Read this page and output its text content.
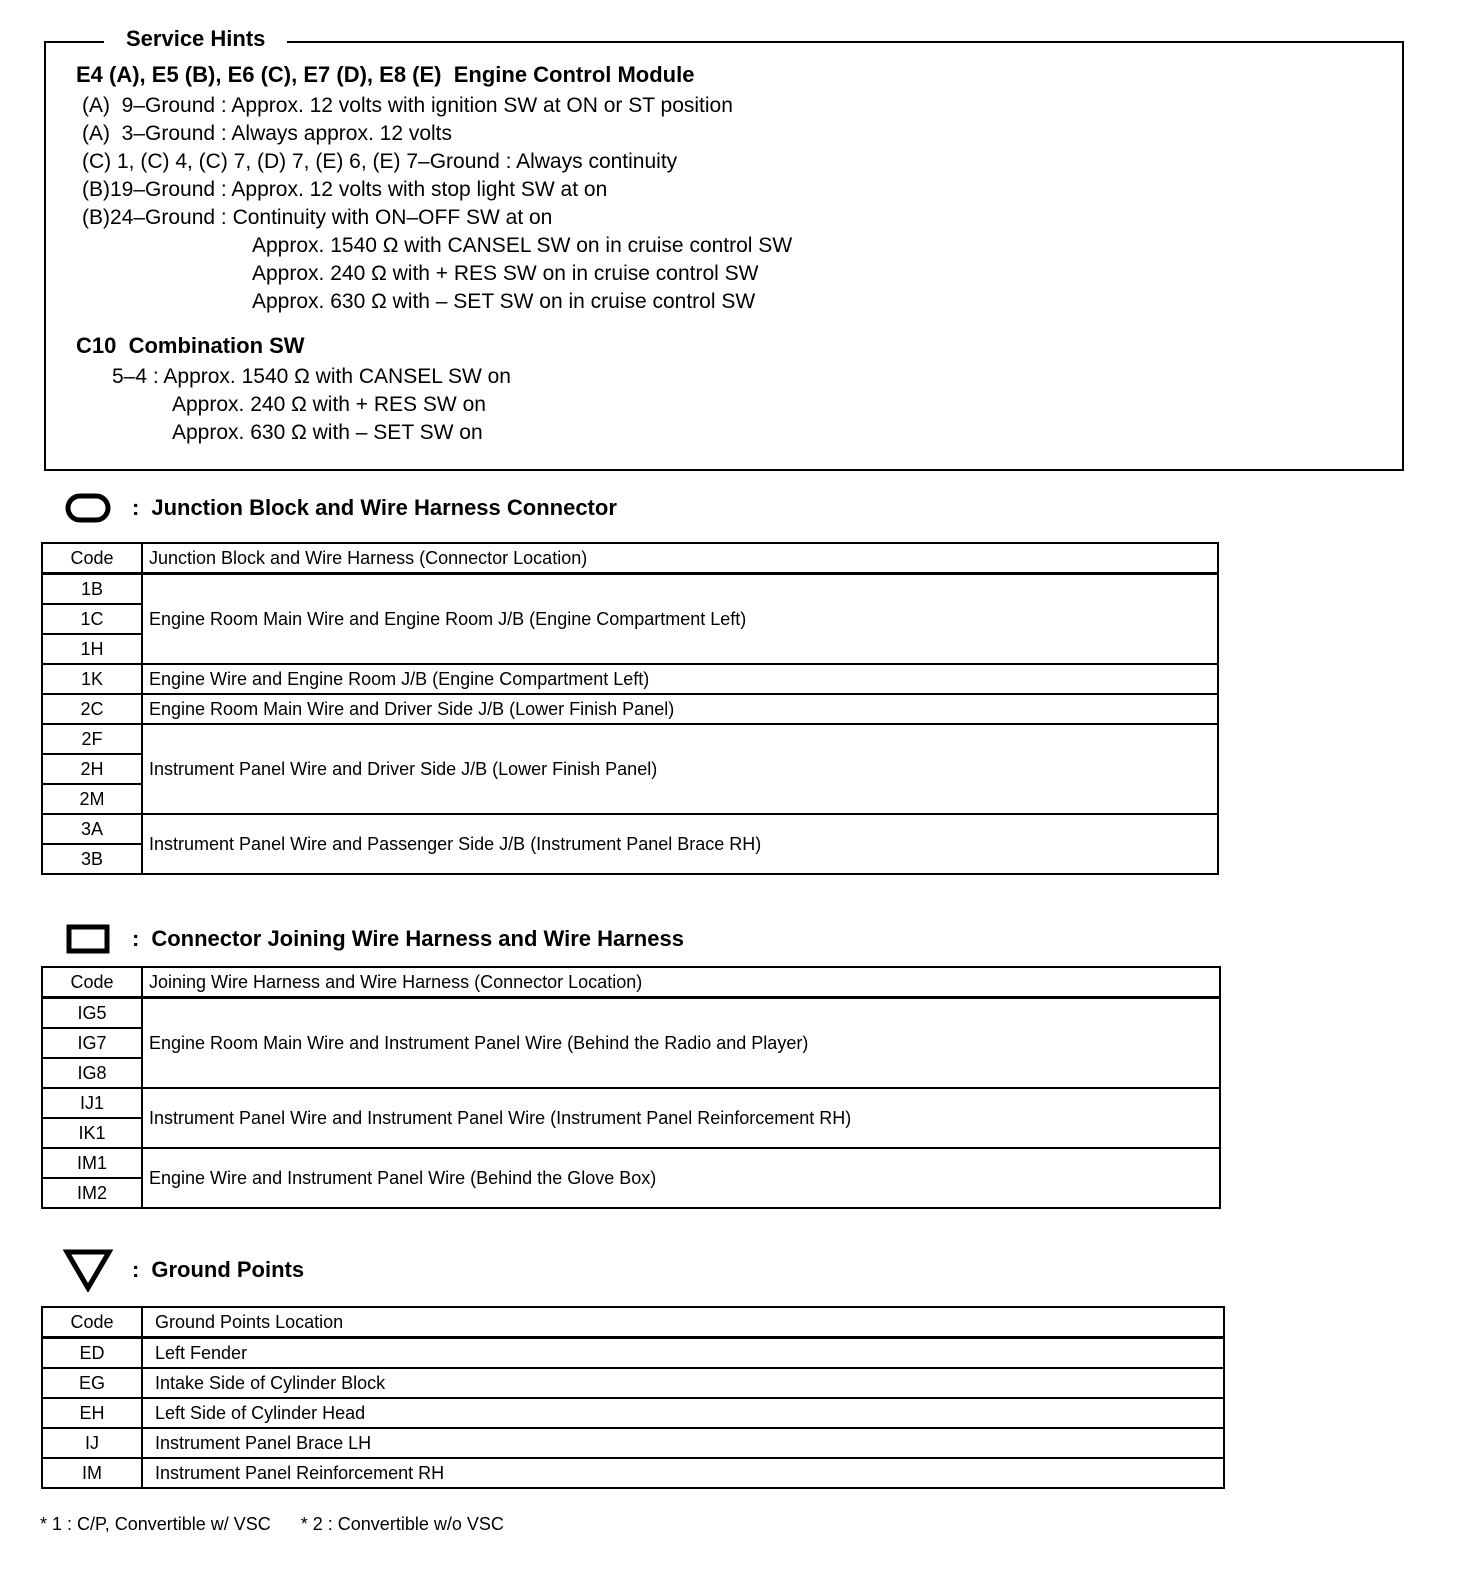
Service Hints
E4 (A), E5 (B), E6 (C), E7 (D), E8 (E)  Engine Control Module
(A)  9–Ground : Approx. 12 volts with ignition SW at ON or ST position
(A)  3–Ground : Always approx. 12 volts
(C) 1, (C) 4, (C) 7, (D) 7, (E) 6, (E) 7–Ground : Always continuity
(B)19–Ground : Approx. 12 volts with stop light SW at on
(B)24–Ground : Continuity with ON–OFF SW at on
Approx. 1540 Ω with CANSEL SW on in cruise control SW
Approx. 240 Ω with + RES SW on in cruise control SW
Approx. 630 Ω with – SET SW on in cruise control SW
C10  Combination SW
5–4 : Approx. 1540 Ω with CANSEL SW on
Approx. 240 Ω with + RES SW on
Approx. 630 Ω with – SET SW on
: Junction Block and Wire Harness Connector
Code	Junction Block and Wire Harness (Connector Location)
1B	Engine Room Main Wire and Engine Room J/B (Engine Compartment Left)
1C	
1H	
1K	Engine Wire and Engine Room J/B (Engine Compartment Left)
2C	Engine Room Main Wire and Driver Side J/B (Lower Finish Panel)
2F	Instrument Panel Wire and Driver Side J/B (Lower Finish Panel)
2H	
2M	
3A	Instrument Panel Wire and Passenger Side J/B (Instrument Panel Brace RH)
3B	
: Connector Joining Wire Harness and Wire Harness
Code	Joining Wire Harness and Wire Harness (Connector Location)
IG5	Engine Room Main Wire and Instrument Panel Wire (Behind the Radio and Player)
IG7	
IG8	
IJ1	Instrument Panel Wire and Instrument Panel Wire (Instrument Panel Reinforcement RH)
IK1	
IM1	Engine Wire and Instrument Panel Wire (Behind the Glove Box)
IM2	
: Ground Points
Code	Ground Points Location
ED	Left Fender
EG	Intake Side of Cylinder Block
EH	Left Side of Cylinder Head
IJ	Instrument Panel Brace LH
IM	Instrument Panel Reinforcement RH
* 1 : C/P, Convertible w/ VSC      * 2 : Convertible w/o VSC
